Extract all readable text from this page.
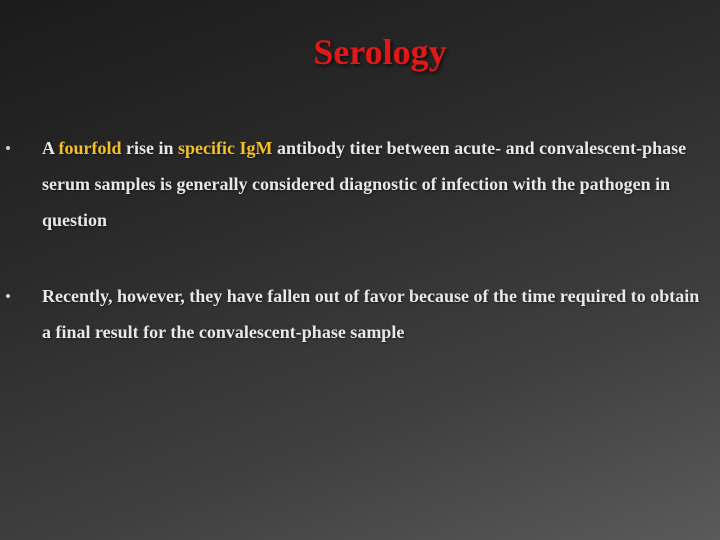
Serology
A fourfold rise in specific IgM antibody titer between acute- and convalescent-phase serum samples is generally considered diagnostic of infection with the pathogen in question
Recently, however, they have fallen out of favor because of the time required to obtain a final result for the convalescent-phase sample
